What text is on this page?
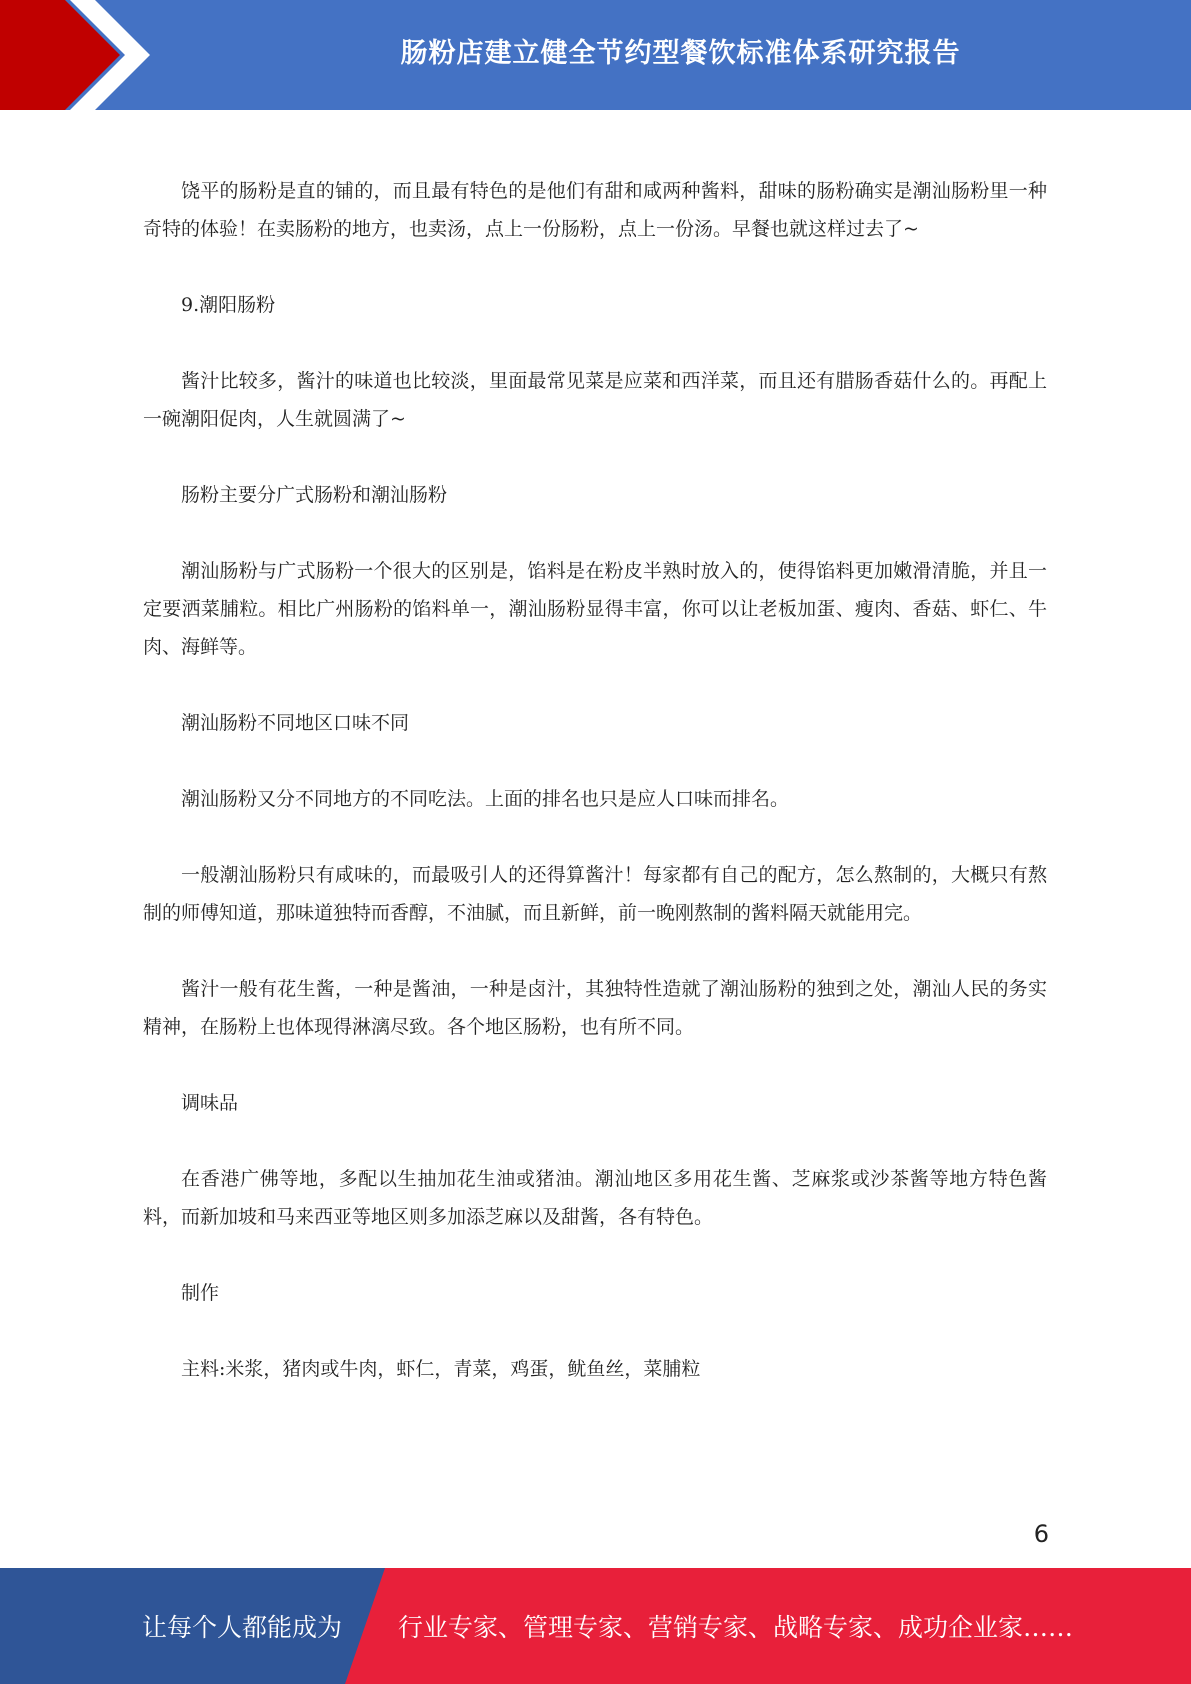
肠粉店建立健全节约型餐饮标准体系研究报告

饶平的肠粉是直的铺的，而且最有特色的是他们有甜和咸两种酱料，甜味的肠粉确实是潮汕肠粉里一种奇特的体验！在卖肠粉的地方，也卖汤，点上一份肠粉，点上一份汤。早餐也就这样过去了~

9.潮阳肠粉

酱汁比较多，酱汁的味道也比较淡，里面最常见菜是应菜和西洋菜，而且还有腊肠香菇什么的。再配上一碗潮阳促肉，人生就圆满了~

肠粉主要分广式肠粉和潮汕肠粉

潮汕肠粉与广式肠粉一个很大的区别是，馅料是在粉皮半熟时放入的，使得馅料更加嫩滑清脆，并且一定要洒菜脯粒。相比广州肠粉的馅料单一，潮汕肠粉显得丰富，你可以让老板加蛋、瘦肉、香菇、虾仁、牛肉、海鲜等。

潮汕肠粉不同地区口味不同

潮汕肠粉又分不同地方的不同吃法。上面的排名也只是应人口味而排名。

一般潮汕肠粉只有咸味的，而最吸引人的还得算酱汁！每家都有自己的配方，怎么熬制的，大概只有熬制的师傅知道，那味道独特而香醇，不油腻，而且新鲜，前一晚刚熬制的酱料隔天就能用完。

酱汁一般有花生酱，一种是酱油，一种是卤汁，其独特性造就了潮汕肠粉的独到之处，潮汕人民的务实精神，在肠粉上也体现得淋漓尽致。各个地区肠粉，也有所不同。

调味品

在香港广佛等地，多配以生抽加花生油或猪油。潮汕地区多用花生酱、芝麻浆或沙茶酱等地方特色酱料，而新加坡和马来西亚等地区则多加添芝麻以及甜酱，各有特色。

制作

主料:米浆，猪肉或牛肉，虾仁，青菜，鸡蛋，鱿鱼丝，菜脯粒

6
让每个人都能成为 行业专家、管理专家、营销专家、战略专家、成功企业家……
